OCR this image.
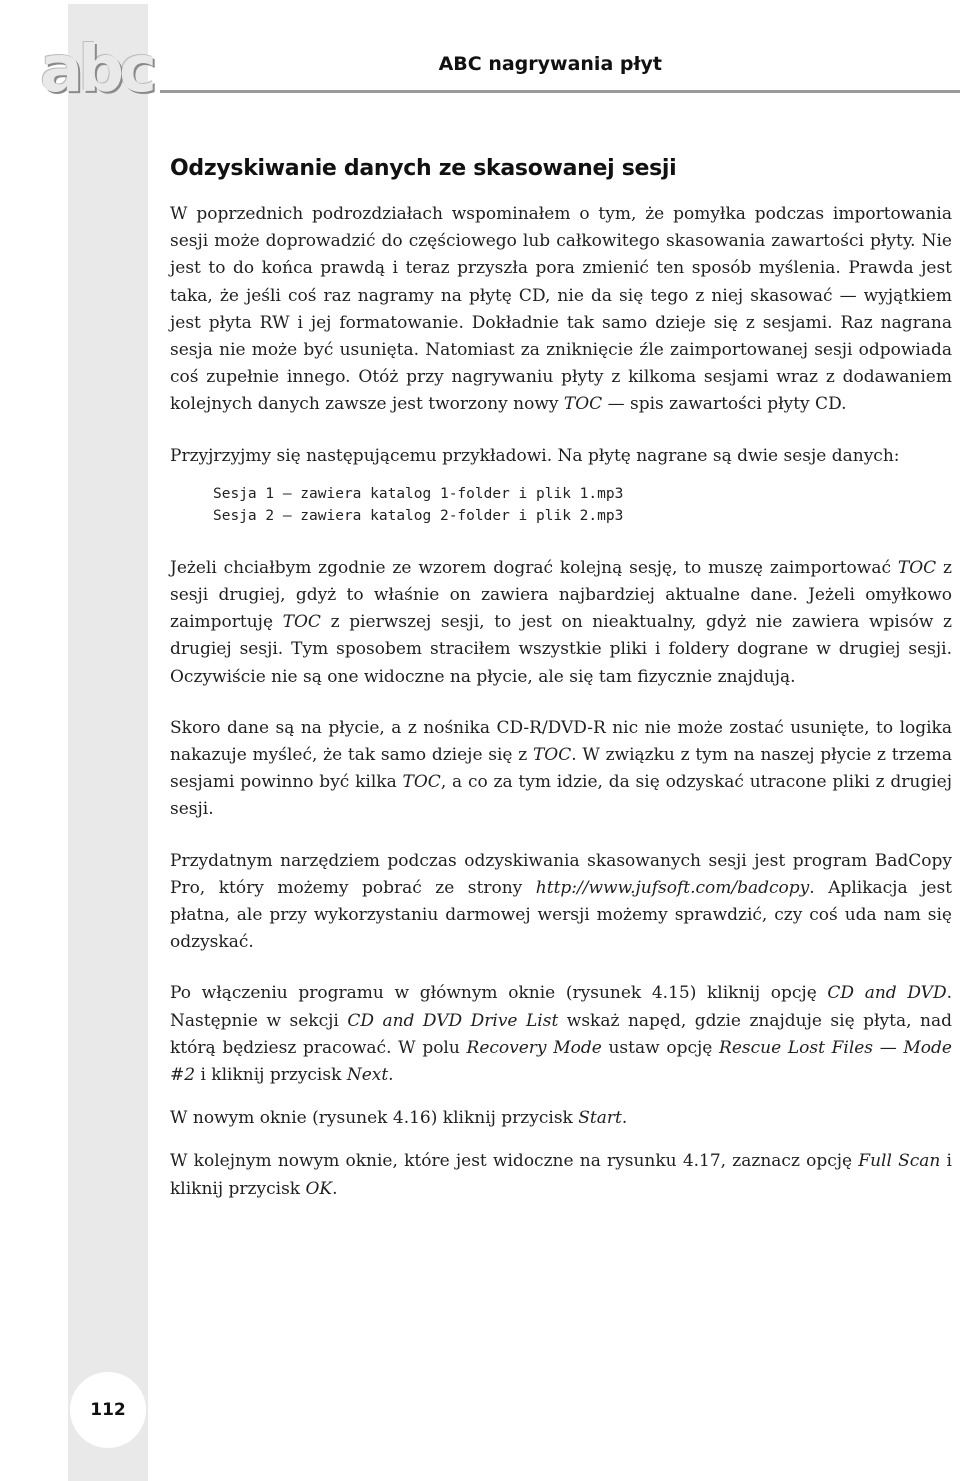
abc	ABC nagrywania płyt
Odzyskiwanie danych ze skasowanej sesji

W poprzednich podrozdziałach wspominałem o tym, że pomyłka podczas importowania sesji może doprowadzić do częściowego lub całkowitego skasowania zawartości płyty. Nie jest to do końca prawdą i teraz przyszła pora zmienić ten sposób myślenia. Prawda jest taka, że jeśli coś raz nagramy na płytę CD, nie da się tego z niej skasować — wyjątkiem jest płyta RW i jej formatowanie. Dokładnie tak samo dzieje się z sesjami. Raz nagrana sesja nie może być usunięta. Natomiast za zniknięcie źle zaimportowanej sesji odpowiada coś zupełnie innego. Otóż przy nagrywaniu płyty z kilkoma sesjami wraz z dodawaniem kolejnych danych zawsze jest tworzony nowy TOC — spis zawartości płyty CD.

Przyjrzyjmy się następującemu przykładowi. Na płytę nagrane są dwie sesje danych:

Sesja 1 – zawiera katalog 1-folder i plik 1.mp3
Sesja 2 – zawiera katalog 2-folder i plik 2.mp3

Jeżeli chciałbym zgodnie ze wzorem dograć kolejną sesję, to muszę zaimportować TOC z sesji drugiej, gdyż to właśnie on zawiera najbardziej aktualne dane. Jeżeli omyłkowo zaimportuję TOC z pierwszej sesji, to jest on nieaktualny, gdyż nie zawiera wpisów z drugiej sesji. Tym sposobem straciłem wszystkie pliki i foldery dograne w drugiej sesji. Oczywiście nie są one widoczne na płycie, ale się tam fizycznie znajdują.

Skoro dane są na płycie, a z nośnika CD-R/DVD-R nic nie może zostać usunięte, to logika nakazuje myśleć, że tak samo dzieje się z TOC. W związku z tym na naszej płycie z trzema sesjami powinno być kilka TOC, a co za tym idzie, da się odzyskać utracone pliki z drugiej sesji.

Przydatnym narzędziem podczas odzyskiwania skasowanych sesji jest program BadCopy Pro, który możemy pobrać ze strony http://www.jufsoft.com/badcopy. Aplikacja jest płatna, ale przy wykorzystaniu darmowej wersji możemy sprawdzić, czy coś uda nam się odzyskać.

Po włączeniu programu w głównym oknie (rysunek 4.15) kliknij opcję CD and DVD. Następnie w sekcji CD and DVD Drive List wskaż napęd, gdzie znajduje się płyta, nad którą będziesz pracować. W polu Recovery Mode ustaw opcję Rescue Lost Files — Mode #2 i kliknij przycisk Next.

W nowym oknie (rysunek 4.16) kliknij przycisk Start.

W kolejnym nowym oknie, które jest widoczne na rysunku 4.17, zaznacz opcję Full Scan i kliknij przycisk OK.

112
